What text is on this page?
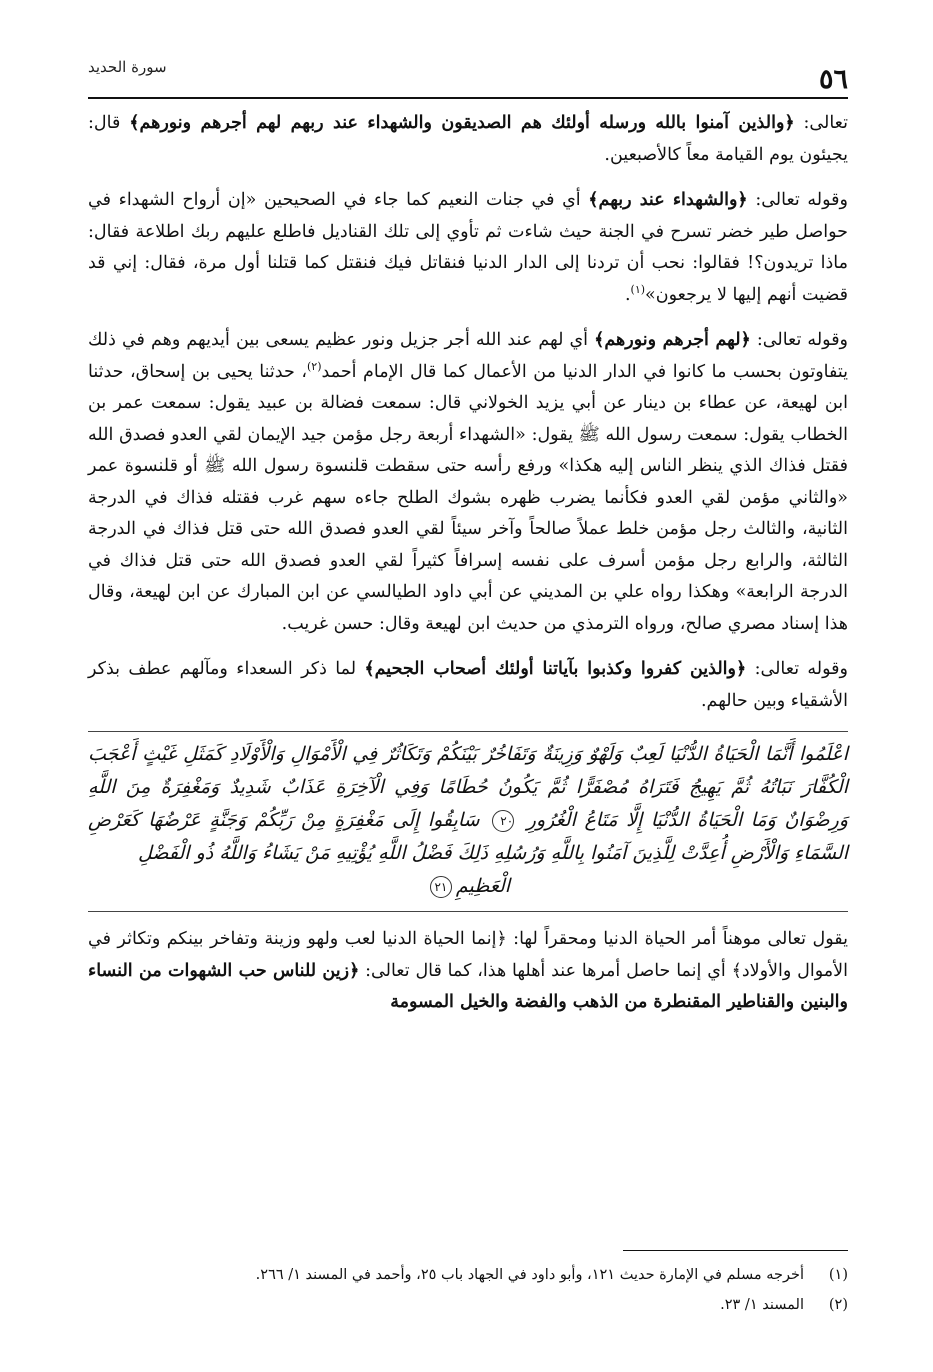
٥٦
سورة الحديد

تعالى: ﴿والذين آمنوا بالله ورسله أولئك هم الصديقون والشهداء عند ربهم لهم أجرهم ونورهم﴾ قال: يجيئون يوم القيامة معاً كالأصبعين.

وقوله تعالى: ﴿والشهداء عند ربهم﴾ أي في جنات النعيم كما جاء في الصحيحين «إن أرواح الشهداء في حواصل طير خضر تسرح في الجنة حيث شاءت ثم تأوي إلى تلك القناديل فاطلع عليهم ربك اطلاعة فقال: ماذا تريدون؟! فقالوا: نحب أن تردنا إلى الدار الدنيا فنقاتل فيك فنقتل كما قتلنا أول مرة، فقال: إني قد قضيت أنهم إليها لا يرجعون»$^{(١)}$.

وقوله تعالى: ﴿لهم أجرهم ونورهم﴾ أي لهم عند الله أجر جزيل ونور عظيم يسعى بين أيديهم وهم في ذلك يتفاوتون بحسب ما كانوا في الدار الدنيا من الأعمال كما قال الإمام أحمد$^{(٢)}$، حدثنا يحيى بن إسحاق، حدثنا ابن لهيعة، عن عطاء بن دينار عن أبي يزيد الخولاني قال: سمعت فضالة بن عبيد يقول: سمعت عمر بن الخطاب يقول: سمعت رسول الله ﷺ يقول: «الشهداء أربعة رجل مؤمن جيد الإيمان لقي العدو فصدق الله فقتل فذاك الذي ينظر الناس إليه هكذا» ورفع رأسه حتى سقطت قلنسوة رسول الله ﷺ أو قلنسوة عمر «والثاني مؤمن لقي العدو فكأنما يضرب ظهره بشوك الطلح جاءه سهم غرب فقتله فذاك في الدرجة الثانية، والثالث رجل مؤمن خلط عملاً صالحاً وآخر سيئاً لقي العدو فصدق الله حتى قتل فذاك في الدرجة الثالثة، والرابع رجل مؤمن أسرف على نفسه إسرافاً كثيراً لقي العدو فصدق الله حتى قتل فذاك في الدرجة الرابعة» وهكذا رواه علي بن المديني عن أبي داود الطيالسي عن ابن المبارك عن ابن لهيعة، وقال هذا إسناد مصري صالح، ورواه الترمذي من حديث ابن لهيعة وقال: حسن غريب.

وقوله تعالى: ﴿والذين كفروا وكذبوا بآياتنا أولئك أصحاب الجحيم﴾ لما ذكر السعداء ومآلهم عطف بذكر الأشقياء وبين حالهم.

اعْلَمُوا أَنَّمَا الْحَيَاةُ الدُّنْيَا لَعِبٌ وَلَهْوٌ وَزِينَةٌ وَتَفَاخُرٌ بَيْنَكُمْ وَتَكَاثُرٌ فِي الْأَمْوَالِ وَالْأَوْلَادِ كَمَثَلِ غَيْثٍ أَعْجَبَ الْكُفَّارَ نَبَاتُهُ ثُمَّ يَهِيجُ فَتَرَاهُ مُصْفَرًّا ثُمَّ يَكُونُ حُطَامًا وَفِي الْآخِرَةِ عَذَابٌ شَدِيدٌ وَمَغْفِرَةٌ مِنَ اللَّهِ وَرِضْوَانٌ وَمَا الْحَيَاةُ الدُّنْيَا إِلَّا مَتَاعُ الْغُرُورِ ٢٠ سَابِقُوا إِلَى مَغْفِرَةٍ مِنْ رَبِّكُمْ وَجَنَّةٍ عَرْضُهَا كَعَرْضِ السَّمَاءِ وَالْأَرْضِ أُعِدَّتْ لِلَّذِينَ آمَنُوا بِاللَّهِ وَرُسُلِهِ ذَلِكَ فَضْلُ اللَّهِ يُؤْتِيهِ مَنْ يَشَاءُ وَاللَّهُ ذُو الْفَضْلِ

الْعَظِيمِ٢١

يقول تعالى موهناً أمر الحياة الدنيا ومحقراً لها: ﴿إنما الحياة الدنيا لعب ولهو وزينة وتفاخر بينكم وتكاثر في الأموال والأولاد﴾ أي إنما حاصل أمرها عند أهلها هذا، كما قال تعالى: ﴿زين للناس حب الشهوات من النساء والبنين والقناطير المقنطرة من الذهب والفضة والخيل المسومة

(١)أخرجه مسلم في الإمارة حديث ١٢١، وأبو داود في الجهاد باب ٢٥، وأحمد في المسند ١/ ٢٦٦.
(٢)المسند ١/ ٢٣.
